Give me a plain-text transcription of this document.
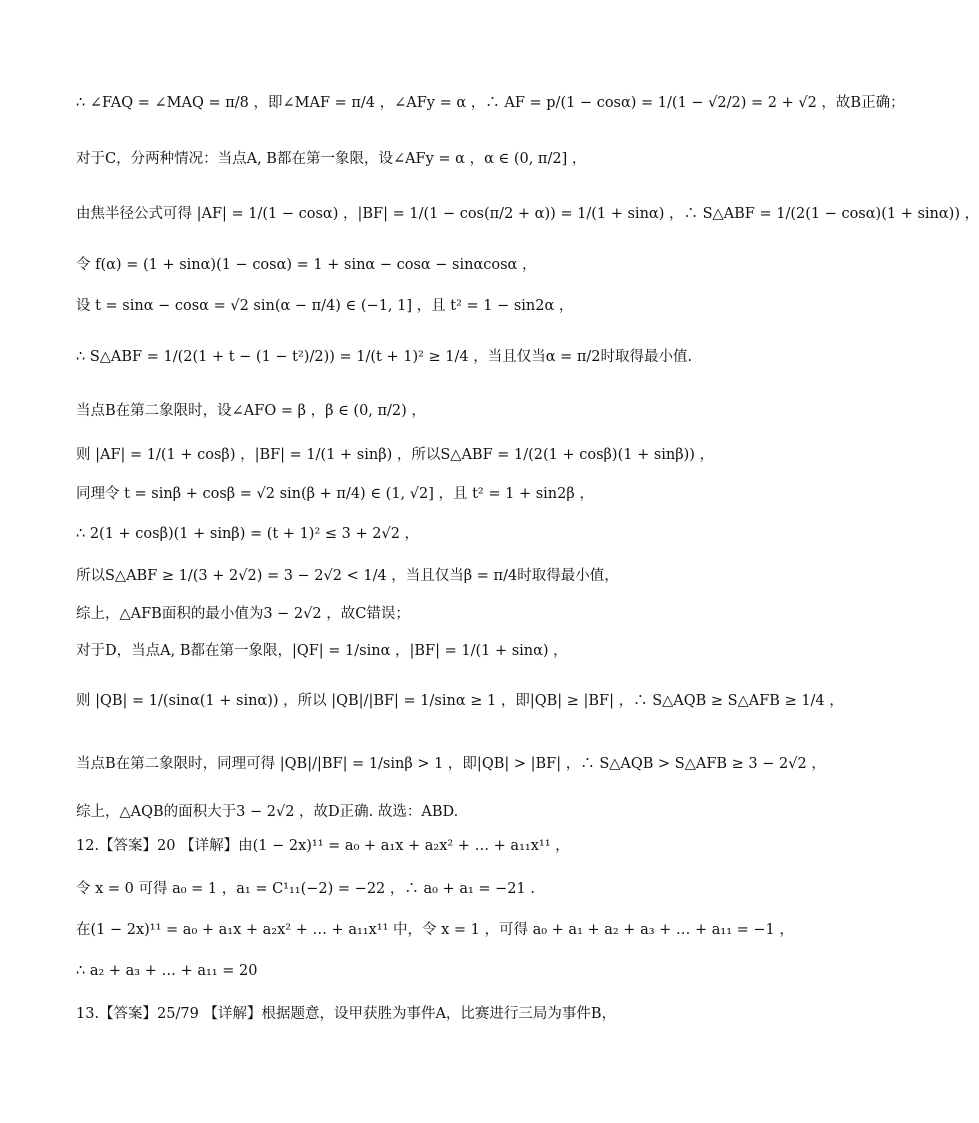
∴ ∠FAQ = ∠MAQ = π/8 ，即∠MAF = π/4 ，∠AFy = α ，∴ AF = p/(1 − cosα) = 1/(1 − √2/2) = 2 + √2 ，故B正确；
对于C，分两种情况：当点A, B都在第一象限，设∠AFy = α ，α ∈ (0, π/2] ，
由焦半径公式可得 |AF| = 1/(1 − cosα) ，|BF| = 1/(1 − cos(π/2 + α)) = 1/(1 + sinα) ，∴ S△ABF = 1/(2(1 − cosα)(1 + sinα)) ，
令 f(α) = (1 + sinα)(1 − cosα) = 1 + sinα − cosα − sinαcosα ，
设 t = sinα − cosα = √2 sin(α − π/4) ∈ (−1, 1] ，且 t² = 1 − sin2α ，
∴ S△ABF = 1/(2(1 + t − (1 − t²)/2)) = 1/(t + 1)² ≥ 1/4 ，当且仅当α = π/2时取得最小值.
当点B在第二象限时，设∠AFO = β ，β ∈ (0, π/2) ，
则 |AF| = 1/(1 + cosβ) ，|BF| = 1/(1 + sinβ) ，所以S△ABF = 1/(2(1 + cosβ)(1 + sinβ)) ，
同理令 t = sinβ + cosβ = √2 sin(β + π/4) ∈ (1, √2] ，且 t² = 1 + sin2β ，
∴ 2(1 + cosβ)(1 + sinβ) = (t + 1)² ≤ 3 + 2√2 ，
所以S△ABF ≥ 1/(3 + 2√2) = 3 − 2√2 < 1/4 ，当且仅当β = π/4时取得最小值，
综上，△AFB面积的最小值为3 − 2√2 ，故C错误；
对于D，当点A, B都在第一象限，|QF| = 1/sinα ，|BF| = 1/(1 + sinα) ，
则 |QB| = 1/(sinα(1 + sinα)) ，所以 |QB|/|BF| = 1/sinα ≥ 1 ，即|QB| ≥ |BF| ，∴ S△AQB ≥ S△AFB ≥ 1/4 ，
当点B在第二象限时，同理可得 |QB|/|BF| = 1/sinβ > 1 ，即|QB| > |BF| ，∴ S△AQB > S△AFB ≥ 3 − 2√2 ，
综上，△AQB的面积大于3 − 2√2 ，故D正确. 故选：ABD.
12.【答案】20 【详解】由(1 − 2x)¹¹ = a₀ + a₁x + a₂x² + … + a₁₁x¹¹ ，
令 x = 0 可得 a₀ = 1 ，a₁ = C¹₁₁(−2) = −22 ，∴ a₀ + a₁ = −21 .
在(1 − 2x)¹¹ = a₀ + a₁x + a₂x² + … + a₁₁x¹¹ 中，令 x = 1 ，可得 a₀ + a₁ + a₂ + a₃ + … + a₁₁ = −1 ，
∴ a₂ + a₃ + … + a₁₁ = 20
13.【答案】25/79 【详解】根据题意，设甲获胜为事件A，比赛进行三局为事件B，
